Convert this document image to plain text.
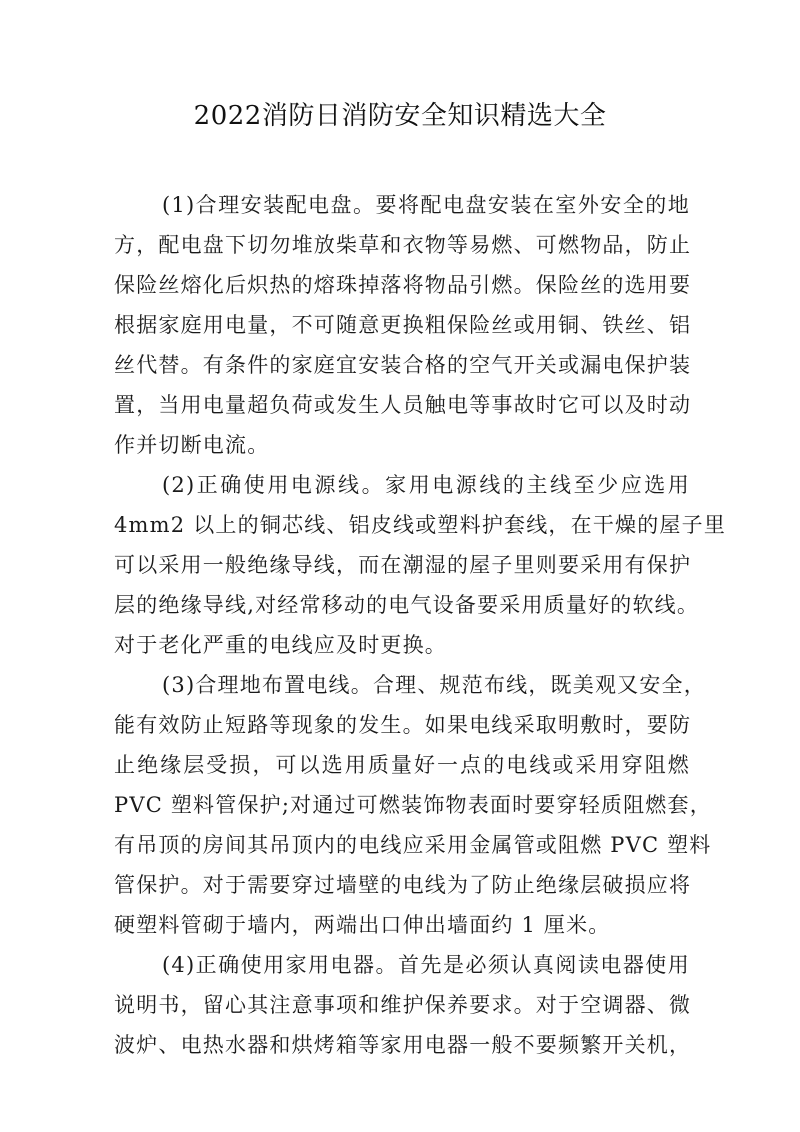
2022消防日消防安全知识精选大全
(1)合理安装配电盘。要将配电盘安装在室外安全的地
方，配电盘下切勿堆放柴草和衣物等易燃、可燃物品，防止
保险丝熔化后炽热的熔珠掉落将物品引燃。保险丝的选用要
根据家庭用电量，不可随意更换粗保险丝或用铜、铁丝、铝
丝代替。有条件的家庭宜安装合格的空气开关或漏电保护装
置，当用电量超负荷或发生人员触电等事故时它可以及时动
作并切断电流。
(2)正确使用电源线。家用电源线的主线至少应选用
4mm2 以上的铜芯线、铝皮线或塑料护套线，在干燥的屋子里
可以采用一般绝缘导线，而在潮湿的屋子里则要采用有保护
层的绝缘导线,对经常移动的电气设备要采用质量好的软线。
对于老化严重的电线应及时更换。
(3)合理地布置电线。合理、规范布线，既美观又安全，
能有效防止短路等现象的发生。如果电线采取明敷时，要防
止绝缘层受损，可以选用质量好一点的电线或采用穿阻燃
PVC 塑料管保护;对通过可燃装饰物表面时要穿轻质阻燃套，
有吊顶的房间其吊顶内的电线应采用金属管或阻燃 PVC 塑料
管保护。对于需要穿过墙壁的电线为了防止绝缘层破损应将
硬塑料管砌于墙内，两端出口伸出墙面约 1 厘米。
(4)正确使用家用电器。首先是必须认真阅读电器使用
说明书，留心其注意事项和维护保养要求。对于空调器、微
波炉、电热水器和烘烤箱等家用电器一般不要频繁开关机，
